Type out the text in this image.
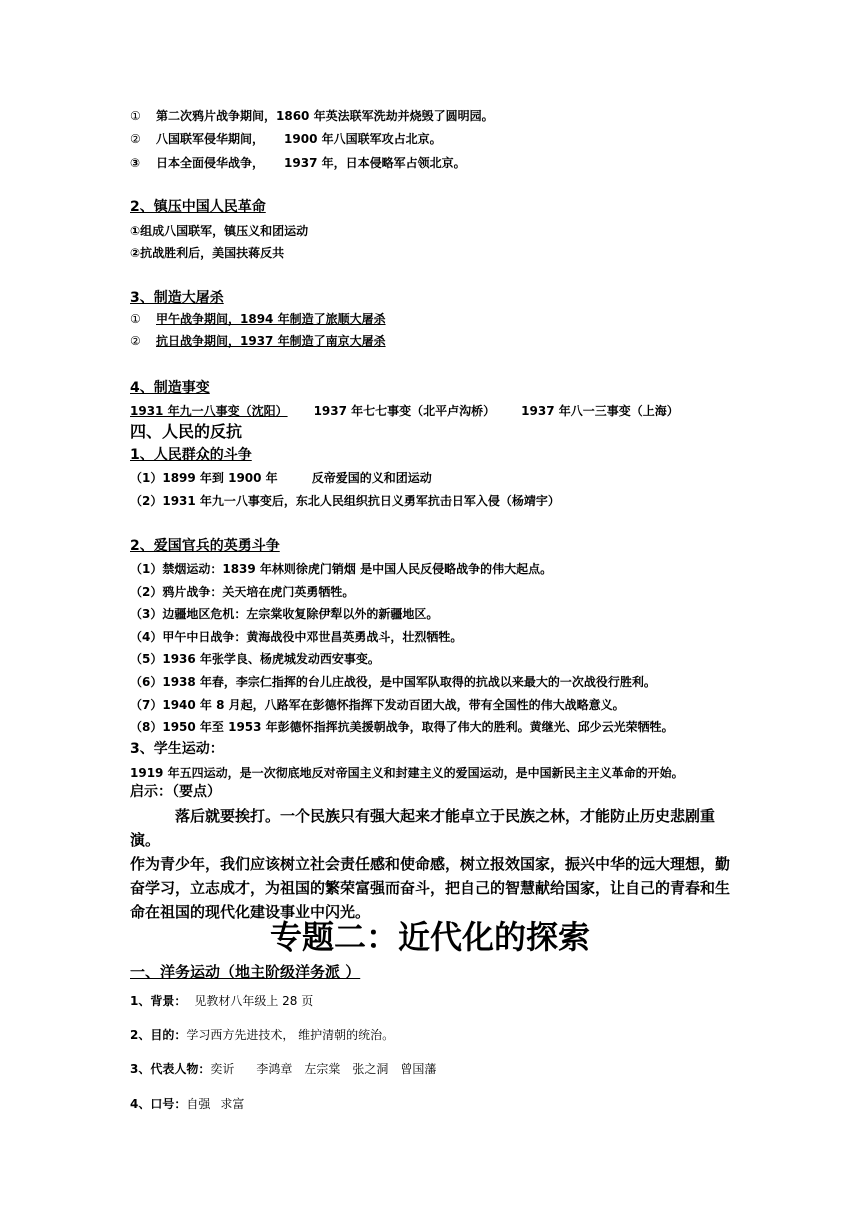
① 第二次鸦片战争期间，1860 年英法联军洗劫并烧毁了圆明园。
② 八国联军侵华期间， 1900 年八国联军攻占北京。
③ 日本全面侵华战争， 1937 年，日本侵略军占领北京。
2、镇压中国人民革命
①组成八国联军，镇压义和团运动
②抗战胜利后，美国扶蒋反共
3、制造大屠杀
① 甲午战争期间，1894 年制造了旅顺大屠杀
② 抗日战争期间，1937 年制造了南京大屠杀
4、制造事变
1931 年九一八事变（沈阳） 1937 年七七事变（北平卢沟桥） 1937 年八一三事变（上海）
四、人民的反抗
1、人民群众的斗争
（1）1899 年到 1900 年	反帝爱国的义和团运动
（2）1931 年九一八事变后，东北人民组织抗日义勇军抗击日军入侵（杨靖宇）
2、爱国官兵的英勇斗争
（1）禁烟运动：1839 年林则徐虎门销烟 是中国人民反侵略战争的伟大起点。
（2）鸦片战争：关天培在虎门英勇牺牲。
（3）边疆地区危机：左宗棠收复除伊犁以外的新疆地区。
（4）甲午中日战争：黄海战役中邓世昌英勇战斗，壮烈牺牲。
（5）1936 年张学良、杨虎城发动西安事变。
（6）1938 年春，李宗仁指挥的台儿庄战役，是中国军队取得的抗战以来最大的一次战役行胜利。
（7）1940 年 8 月起，八路军在彭德怀指挥下发动百团大战，带有全国性的伟大战略意义。
（8）1950 年至 1953 年彭德怀指挥抗美援朝战争，取得了伟大的胜利。黄继光、邱少云光荣牺牲。
3、学生运动：
1919 年五四运动，是一次彻底地反对帝国主义和封建主义的爱国运动，是中国新民主主义革命的开始。
启示：（要点）
落后就要挨打。一个民族只有强大起来才能卓立于民族之林，才能防止历史悲剧重演。
作为青少年，我们应该树立社会责任感和使命感，树立报效国家，振兴中华的远大理想，勤奋学习，立志成才，为祖国的繁荣富强而奋斗，把自己的智慧献给国家，让自己的青春和生命在祖国的现代化建设事业中闪光。
专题二：近代化的探索
一、洋务运动（地主阶级洋务派 ）
1、背景： 见教材八年级上 28 页
2、目的：学习西方先进技术， 维护清朝的统治。
3、代表人物：奕䜣 李鸿章 左宗棠 张之洞 曾国藩
4、口号：自强 求富
